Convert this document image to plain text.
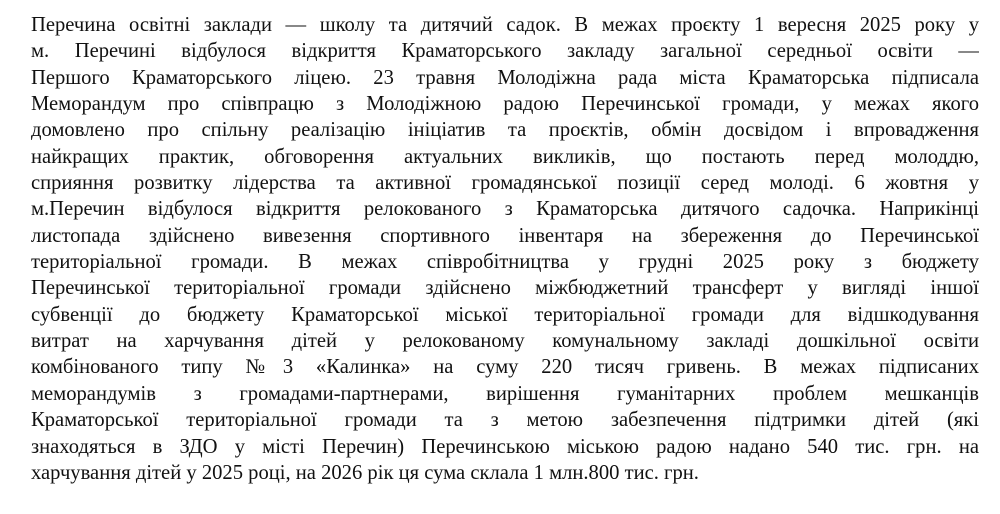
Перечина освітні заклади — школу та дитячий садок. В межах проєкту 1 вересня 2025 року у
м. Перечині відбулося відкриття Краматорського закладу загальної середньої освіти —
Першого Краматорського ліцею. 23 травня Молодіжна рада міста Краматорська підписала
Меморандум про співпрацю з Молодіжною радою Перечинської громади, у межах якого
домовлено про спільну реалізацію ініціатив та проєктів, обмін досвідом і впровадження
найкращих практик, обговорення актуальних викликів, що постають перед молоддю,
сприяння розвитку лідерства та активної громадянської позиції серед молоді. 6 жовтня у
м.Перечин відбулося відкриття релокованого з Краматорська дитячого садочка. Наприкінці
листопада здійснено вивезення спортивного інвентаря на збереження до Перечинської
територіальної громади. В межах співробітництва у грудні 2025 року з бюджету
Перечинської територіальної громади здійснено міжбюджетний трансферт у вигляді іншої
субвенції до бюджету Краматорської міської територіальної громади для відшкодування
витрат на харчування дітей у релокованому комунальному закладі дошкільної освіти
комбінованого типу №3 «Калинка» на суму 220 тисяч гривень. В межах підписаних
меморандумів з громадами-партнерами, вирішення гуманітарних проблем мешканців
Краматорської територіальної громади та з метою забезпечення підтримки дітей (які
знаходяться в ЗДО у місті Перечин) Перечинською міською радою надано 540 тис. грн. на
харчування дітей у 2025 році, на 2026 рік ця сума склала 1 млн.800 тис. грн.
